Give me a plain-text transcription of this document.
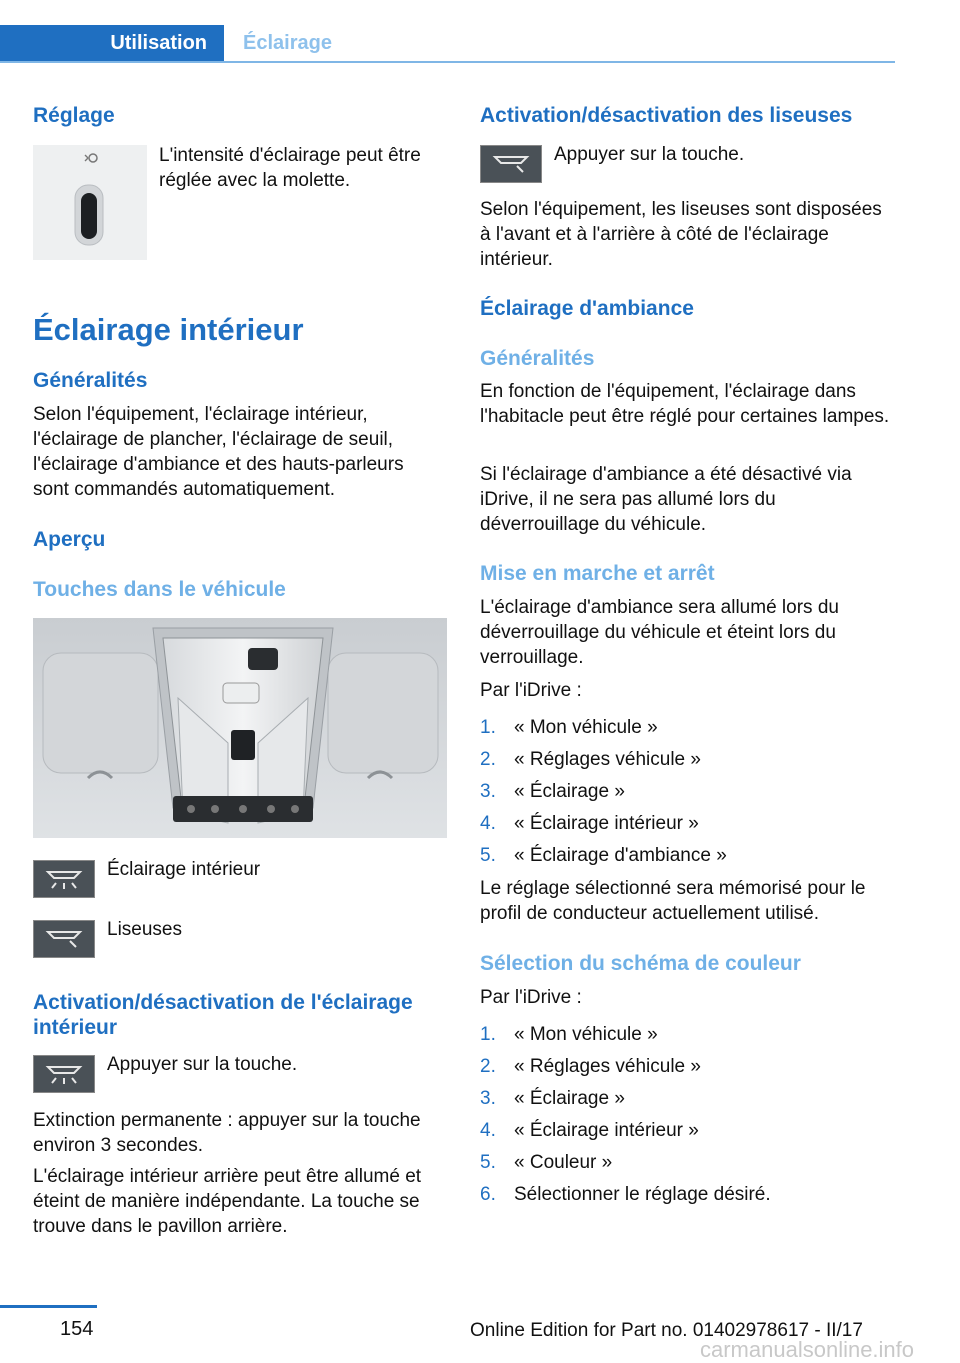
Utilisation	Éclairage
Réglage
L'intensité d'éclairage peut être réglée avec la molette.
Éclairage intérieur
Généralités
Selon l'équipement, l'éclairage intérieur, l'éclairage de plancher, l'éclairage de seuil, l'éclairage d'ambiance et des hauts-parleurs sont commandés automatiquement.
Aperçu
Touches dans le véhicule
Éclairage intérieur
Liseuses
Activation/désactivation de l'éclairage intérieur
Appuyer sur la touche.
Extinction permanente : appuyer sur la touche environ 3 secondes.
L'éclairage intérieur arrière peut être allumé et éteint de manière indépendante. La touche se trouve dans le pavillon arrière.
Activation/désactivation des liseuses
Appuyer sur la touche.
Selon l'équipement, les liseuses sont disposées à l'avant et à l'arrière à côté de l'éclairage intérieur.
Éclairage d'ambiance
Généralités
En fonction de l'équipement, l'éclairage dans l'habitacle peut être réglé pour certaines lampes.
Si l'éclairage d'ambiance a été désactivé via iDrive, il ne sera pas allumé lors du déverrouillage du véhicule.
Mise en marche et arrêt
L'éclairage d'ambiance sera allumé lors du déverrouillage du véhicule et éteint lors du verrouillage.
Par l'iDrive :
1. « Mon véhicule »
2. « Réglages véhicule »
3. « Éclairage »
4. « Éclairage intérieur »
5. « Éclairage d'ambiance »
Le réglage sélectionné sera mémorisé pour le profil de conducteur actuellement utilisé.
Sélection du schéma de couleur
Par l'iDrive :
1. « Mon véhicule »
2. « Réglages véhicule »
3. « Éclairage »
4. « Éclairage intérieur »
5. « Couleur »
6. Sélectionner le réglage désiré.
154	Online Edition for Part no. 01402978617 - II/17
carmanualsonline.info
